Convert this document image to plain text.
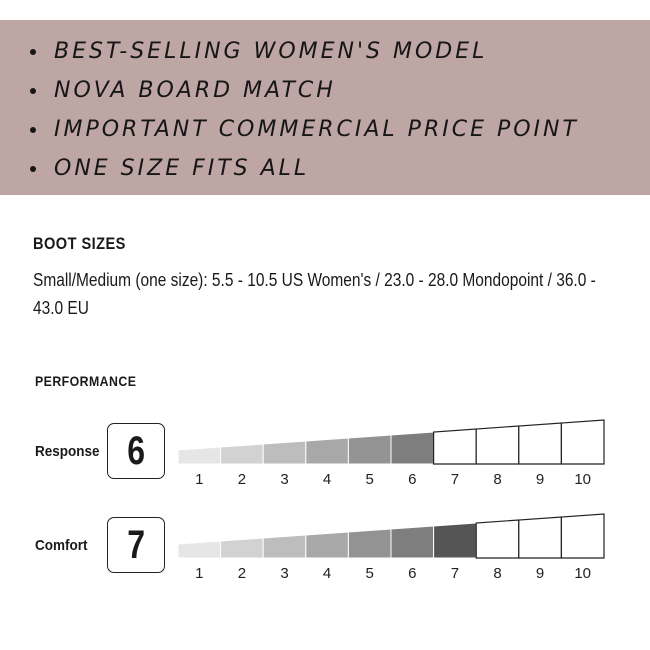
BEST-SELLING WOMEN'S MODEL
NOVA BOARD MATCH
IMPORTANT COMMERCIAL PRICE POINT
ONE SIZE FITS ALL
BOOT SIZES
Small/Medium (one size): 5.5 - 10.5 US Women's / 23.0 - 28.0 Mondopoint / 36.0 - 43.0 EU
PERFORMANCE
Response 6
1 2 3 4 5 6 7 8 9 10
Comfort 7
1 2 3 4 5 6 7 8 9 10
